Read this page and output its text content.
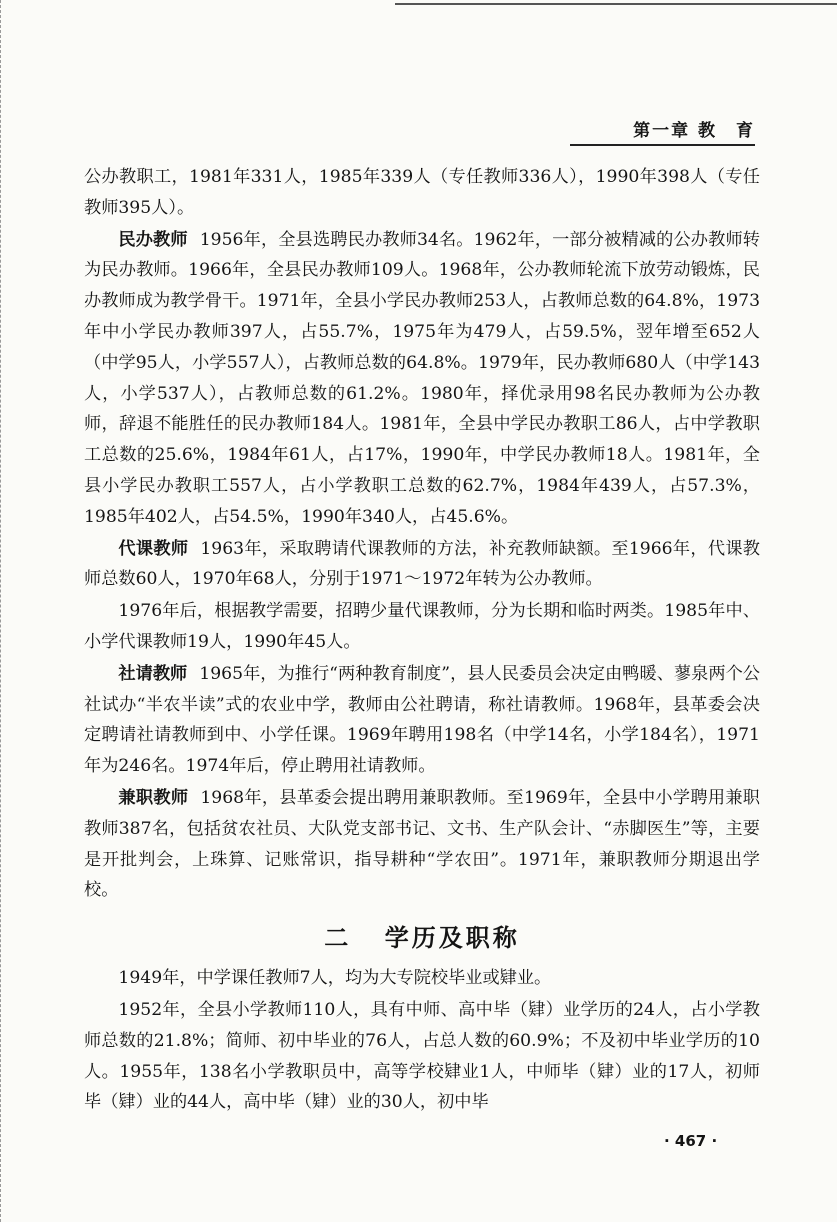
第一章 教　育

公办教职工，1981年331人，1985年339人（专任教师336人），1990年398人（专任教师395人）。

民办教师 1956年，全县选聘民办教师34名。1962年，一部分被精减的公办教师转为民办教师。1966年，全县民办教师109人。1968年，公办教师轮流下放劳动锻炼，民办教师成为教学骨干。1971年，全县小学民办教师253人，占教师总数的64.8%，1973年中小学民办教师397人，占55.7%，1975年为479人，占59.5%，翌年增至652人（中学95人，小学557人），占教师总数的64.8%。1979年，民办教师680人（中学143人，小学537人），占教师总数的61.2%。1980年，择优录用98名民办教师为公办教师，辞退不能胜任的民办教师184人。1981年，全县中学民办教职工86人，占中学教职工总数的25.6%，1984年61人，占17%，1990年，中学民办教师18人。1981年，全县小学民办教职工557人，占小学教职工总数的62.7%，1984年439人，占57.3%，1985年402人，占54.5%，1990年340人，占45.6%。

代课教师 1963年，采取聘请代课教师的方法，补充教师缺额。至1966年，代课教师总数60人，1970年68人，分别于1971～1972年转为公办教师。

1976年后，根据教学需要，招聘少量代课教师，分为长期和临时两类。1985年中、小学代课教师19人，1990年45人。

社请教师 1965年，为推行“两种教育制度”，县人民委员会决定由鸭暖、蓼泉两个公社试办“半农半读”式的农业中学，教师由公社聘请，称社请教师。1968年，县革委会决定聘请社请教师到中、小学任课。1969年聘用198名（中学14名，小学184名），1971年为246名。1974年后，停止聘用社请教师。

兼职教师 1968年，县革委会提出聘用兼职教师。至1969年，全县中小学聘用兼职教师387名，包括贫农社员、大队党支部书记、文书、生产队会计、“赤脚医生”等，主要是开批判会，上珠算、记账常识，指导耕种“学农田”。1971年，兼职教师分期退出学校。

二 学历及职称

1949年，中学课任教师7人，均为大专院校毕业或肄业。

1952年，全县小学教师110人，具有中师、高中毕（肄）业学历的24人，占小学教师总数的21.8%；简师、初中毕业的76人，占总人数的60.9%；不及初中毕业学历的10人。1955年，138名小学教职员中，高等学校肄业1人，中师毕（肄）业的17人，初师毕（肄）业的44人，高中毕（肄）业的30人，初中毕

· 467 ·
